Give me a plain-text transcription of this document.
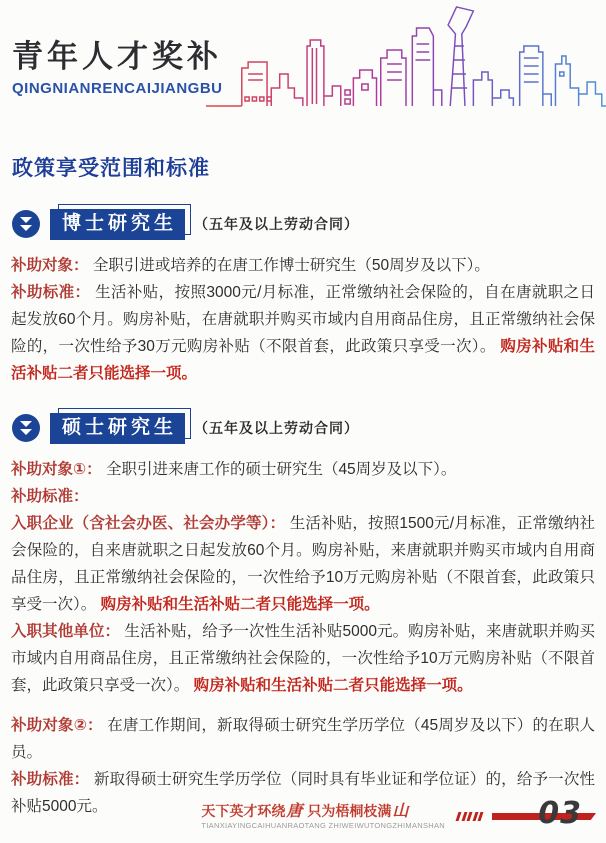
青年人才奖补
QINGNIANRENCAIJIANGBU
政策享受范围和标准
博士研究生	（五年及以上劳动合同）

补助对象： 全职引进或培养的在唐工作博士研究生（50周岁及以下）。

补助标准： 生活补贴，按照3000元/月标准，正常缴纳社会保险的，自在唐就职之日起发放60个月。购房补贴，在唐就职并购买市域内自用商品住房，且正常缴纳社会保险的，一次性给予30万元购房补贴（不限首套，此政策只享受一次）。 购房补贴和生活补贴二者只能选择一项。

硕士研究生	（五年及以上劳动合同）

补助对象①： 全职引进来唐工作的硕士研究生（45周岁及以下）。

补助标准：

入职企业（含社会办医、社会办学等）： 生活补贴，按照1500元/月标准，正常缴纳社会保险的，自来唐就职之日起发放60个月。购房补贴，来唐就职并购买市域内自用商品住房，且正常缴纳社会保险的，一次性给予10万元购房补贴（不限首套，此政策只享受一次）。 购房补贴和生活补贴二者只能选择一项。

入职其他单位： 生活补贴，给予一次性生活补贴5000元。购房补贴，来唐就职并购买市域内自用商品住房，且正常缴纳社会保险的，一次性给予10万元购房补贴（不限首套，此政策只享受一次）。 购房补贴和生活补贴二者只能选择一项。

补助对象②： 在唐工作期间，新取得硕士研究生学历学位（45周岁及以下）的在职人员。

补助标准： 新取得硕士研究生学历学位（同时具有毕业证和学位证）的，给予一次性补贴5000元。	天下英才环绕唐 只为梧桐枝满山
TIANXIAYINGCAIHUANRAOTANG ZHIWEIWUTONGZHIMANSHAN	03
